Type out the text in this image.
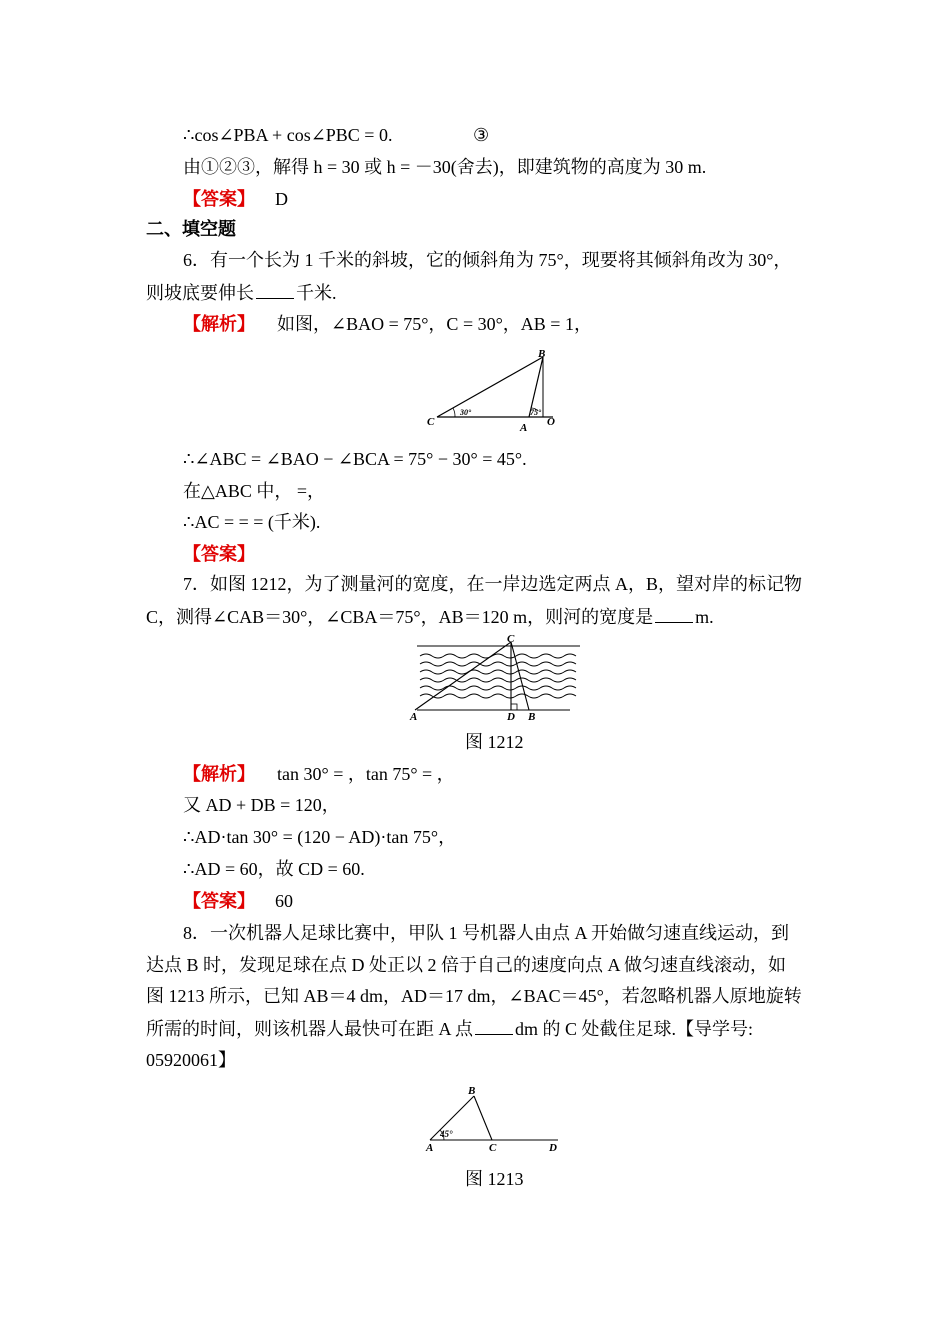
∴cos∠PBA + cos∠PBC = 0.	③
由①②③，解得 h = 30 或 h = －30(舍去)，即建筑物的高度为 30 m.
【答案】 D
二、填空题
6．有一个长为 1 千米的斜坡，它的倾斜角为 75°，现要将其倾斜角改为 30°，
则坡底要伸长 千米.
【解析】 如图，∠BAO = 75°，C = 30°，AB = 1，
B
C	A O
30°	75°
∴∠ABC = ∠BAO − ∠BCA = 75° − 30° = 45°.
在△ABC 中， =，
∴AC = = = (千米).
【答案】
7．如图 1212，为了测量河的宽度，在一岸边选定两点 A，B，望对岸的标记物
C，测得∠CAB＝30°，∠CBA＝75°，AB＝120 m，则河的宽度是 m.
C
A	D B
图 1212
【解析】 tan 30° = ，tan 75° = ，
又 AD + DB = 120，
∴AD·tan 30° = (120 − AD)·tan 75°，
∴AD = 60，故 CD = 60.
【答案】 60
8．一次机器人足球比赛中，甲队 1 号机器人由点 A 开始做匀速直线运动，到
达点 B 时，发现足球在点 D 处正以 2 倍于自己的速度向点 A 做匀速直线滚动，如
图 1213 所示，已知 AB＝4 dm，AD＝17 dm，∠BAC＝45°，若忽略机器人原地旋转
所需的时间，则该机器人最快可在距 A 点 dm 的 C 处截住足球.【导学号:
05920061】
B
A	C	D
45°
图 1213
